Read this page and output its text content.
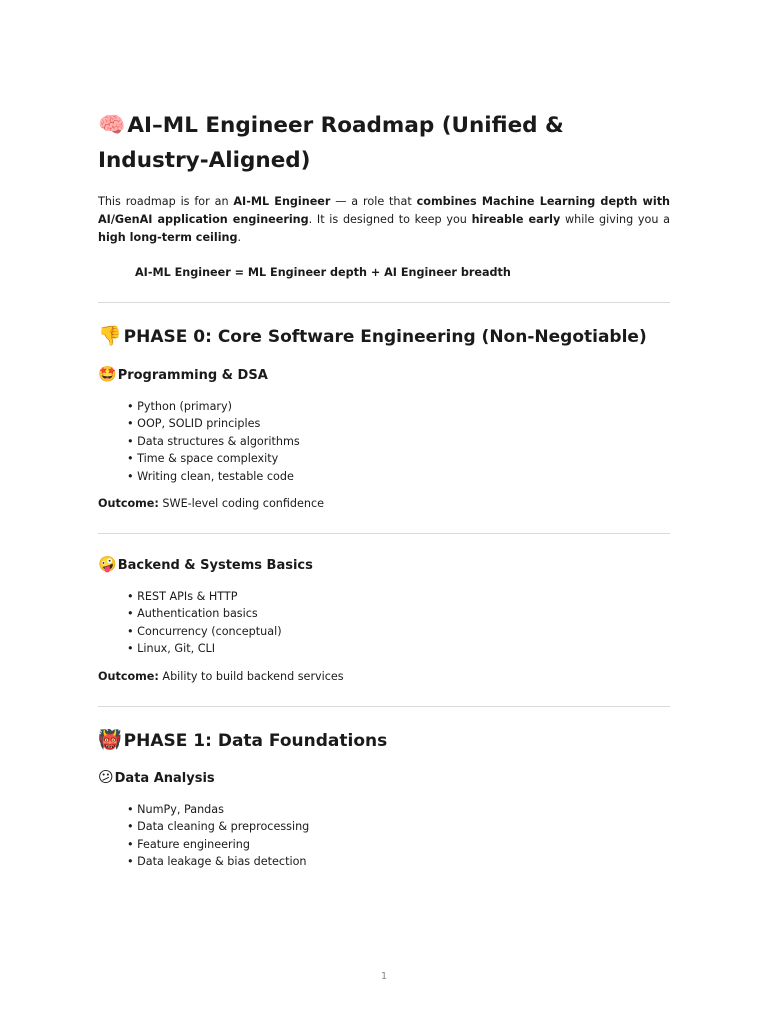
🧠AI–ML Engineer Roadmap (Unified & Industry-Aligned)

This roadmap is for an AI-ML Engineer — a role that combines Machine Learning depth with AI/GenAI application engineering. It is designed to keep you hireable early while giving you a high long-term ceiling.

AI-ML Engineer = ML Engineer depth + AI Engineer breadth

👎 PHASE 0: Core Software Engineering (Non-Negotiable)
🤩Programming & DSA
• Python (primary)
• OOP, SOLID principles
• Data structures & algorithms
• Time & space complexity
• Writing clean, testable code

Outcome: SWE-level coding confidence

🤪Backend & Systems Basics
• REST APIs & HTTP
• Authentication basics
• Concurrency (conceptual)
• Linux, Git, CLI

Outcome: Ability to build backend services

👹 PHASE 1: Data Foundations
😕Data Analysis
• NumPy, Pandas
• Data cleaning & preprocessing
• Feature engineering
• Data leakage & bias detection
1
